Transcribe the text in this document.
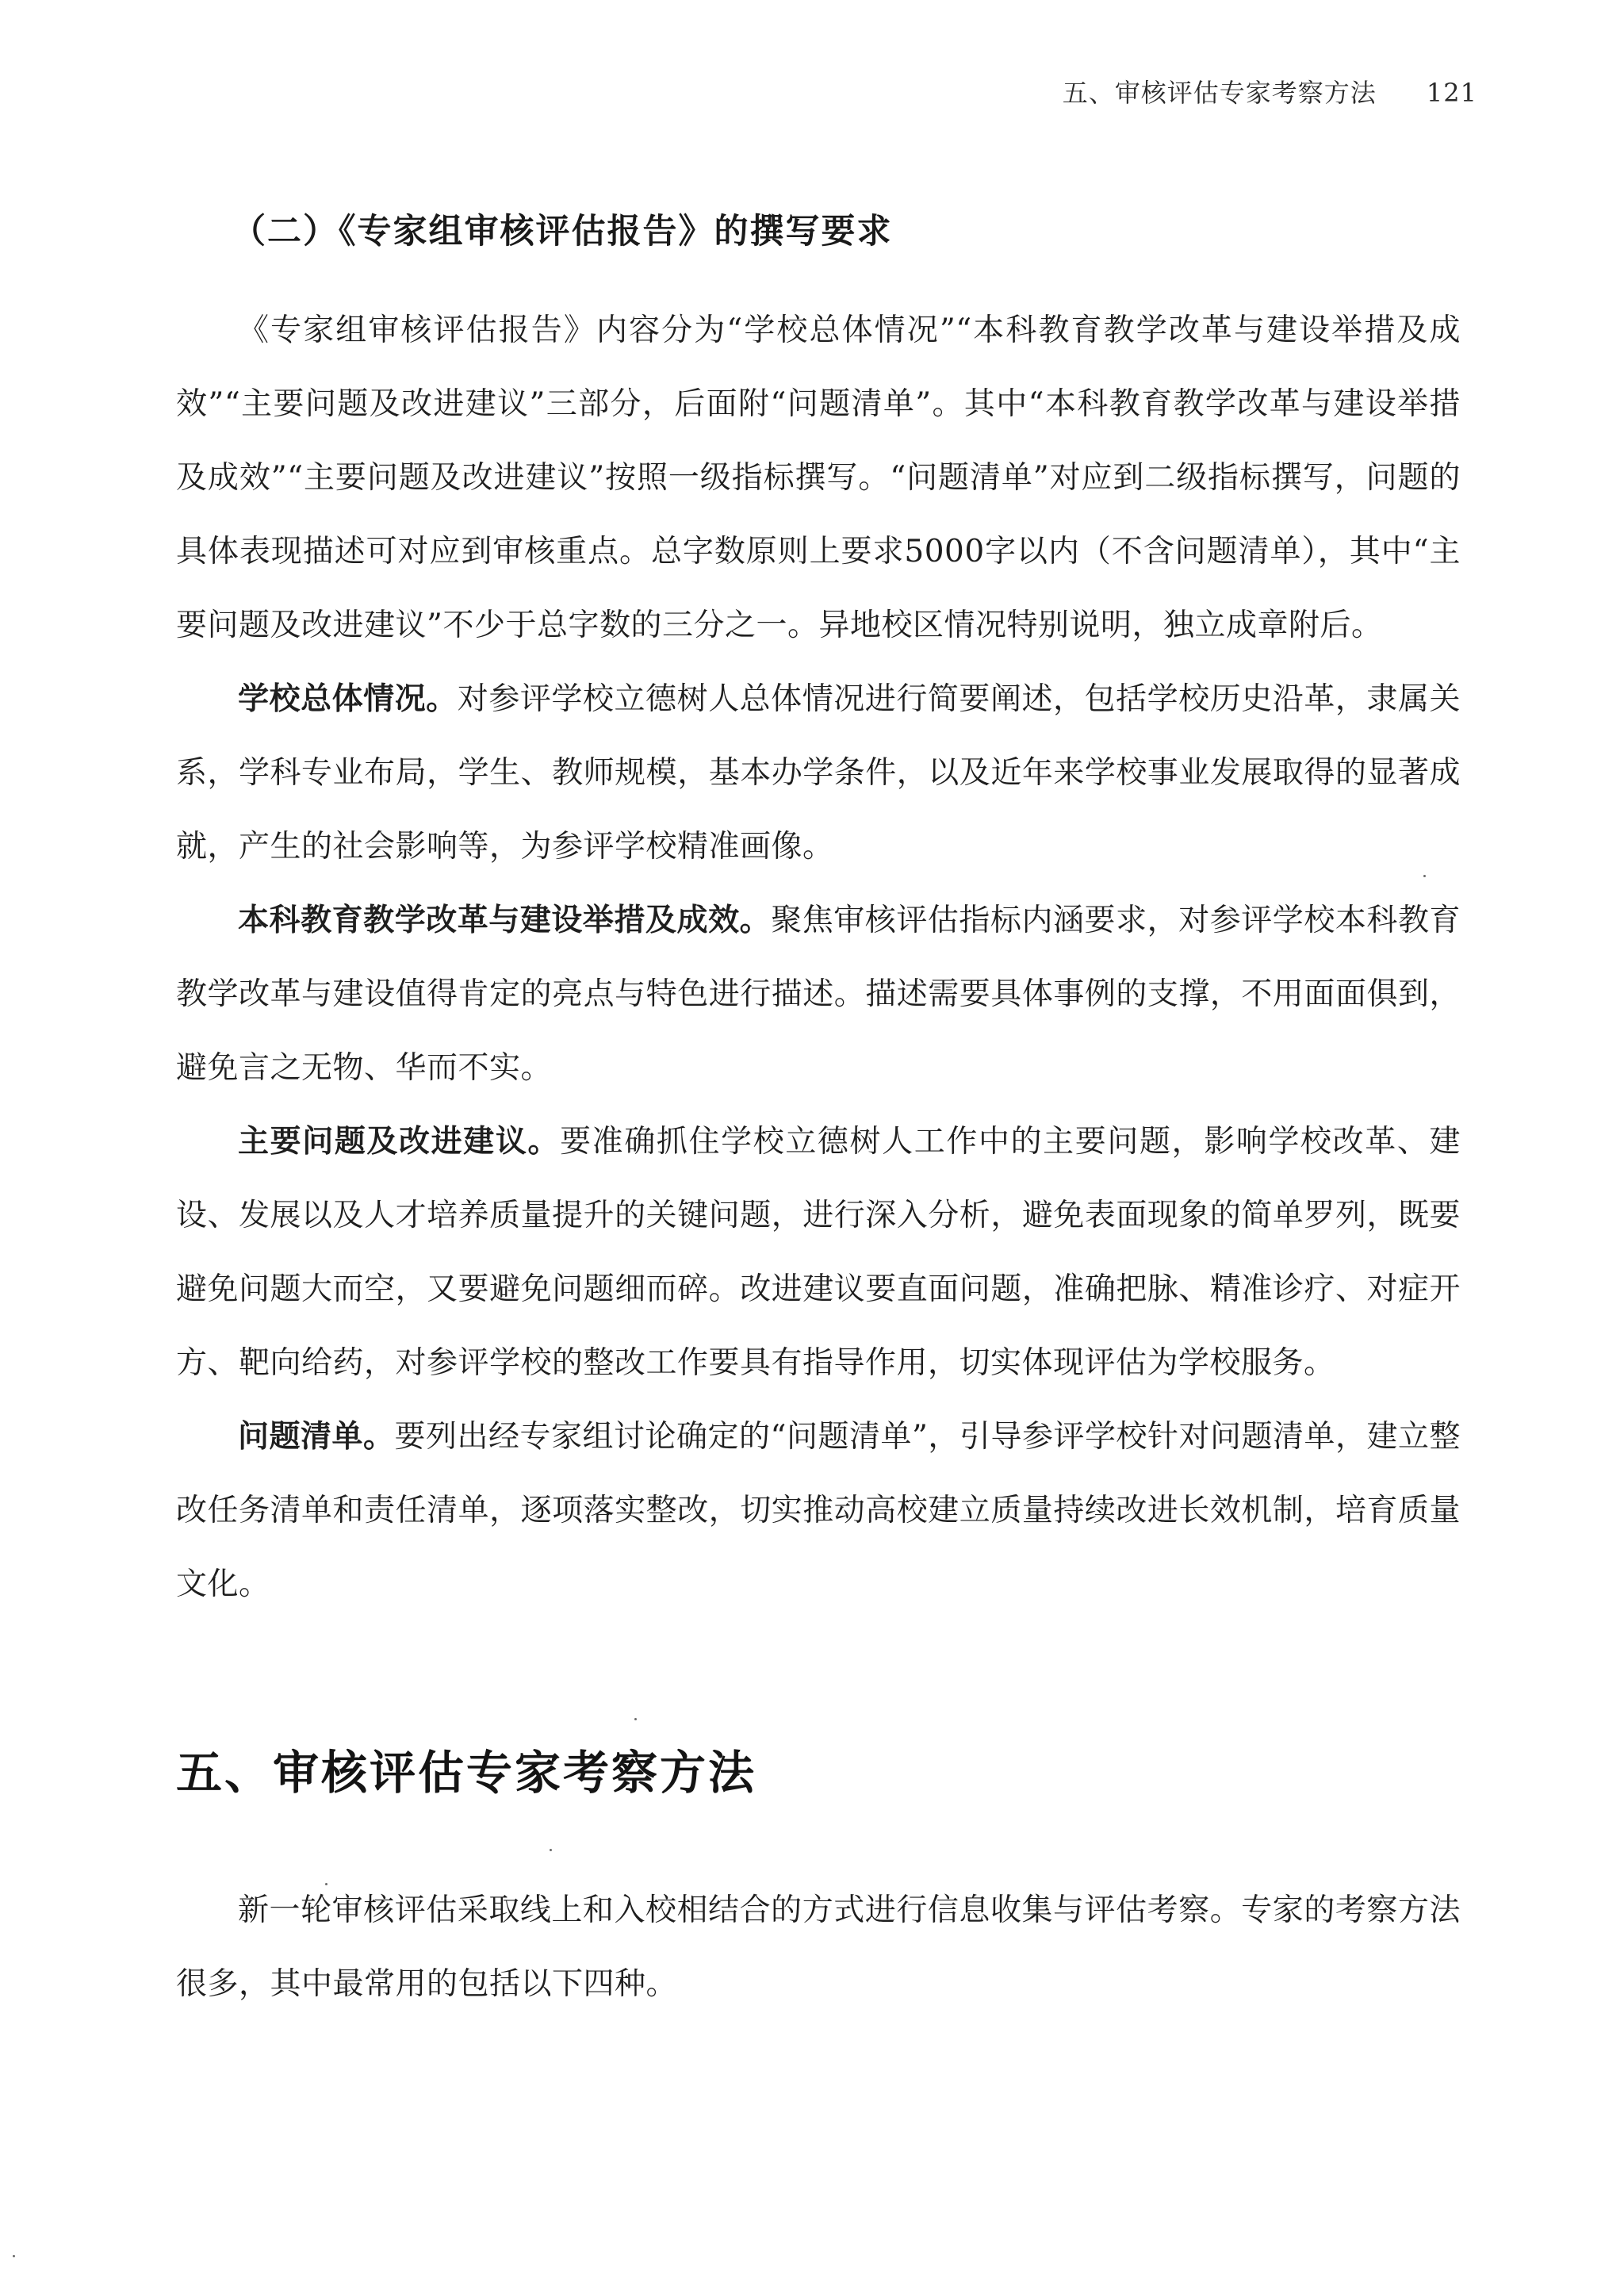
五、审核评估专家考察方法 121
（二）《专家组审核评估报告》的撰写要求

《专家组审核评估报告》内容分为“学校总体情况”“本科教育教学改革与建设举措及成效”“主要问题及改进建议”三部分，后面附“问题清单”。其中“本科教育教学改革与建设举措及成效”“主要问题及改进建议”按照一级指标撰写。“问题清单”对应到二级指标撰写，问题的具体表现描述可对应到审核重点。总字数原则上要求5000字以内（不含问题清单），其中“主要问题及改进建议”不少于总字数的三分之一。异地校区情况特别说明，独立成章附后。

学校总体情况。对参评学校立德树人总体情况进行简要阐述，包括学校历史沿革，隶属关系，学科专业布局，学生、教师规模，基本办学条件，以及近年来学校事业发展取得的显著成就，产生的社会影响等，为参评学校精准画像。

本科教育教学改革与建设举措及成效。聚焦审核评估指标内涵要求，对参评学校本科教育教学改革与建设值得肯定的亮点与特色进行描述。描述需要具体事例的支撑，不用面面俱到，避免言之无物、华而不实。

主要问题及改进建议。要准确抓住学校立德树人工作中的主要问题，影响学校改革、建设、发展以及人才培养质量提升的关键问题，进行深入分析，避免表面现象的简单罗列，既要避免问题大而空，又要避免问题细而碎。改进建议要直面问题，准确把脉、精准诊疗、对症开方、靶向给药，对参评学校的整改工作要具有指导作用，切实体现评估为学校服务。

问题清单。要列出经专家组讨论确定的“问题清单”，引导参评学校针对问题清单，建立整改任务清单和责任清单，逐项落实整改，切实推动高校建立质量持续改进长效机制，培育质量文化。

五、审核评估专家考察方法

新一轮审核评估采取线上和入校相结合的方式进行信息收集与评估考察。专家的考察方法很多，其中最常用的包括以下四种。
